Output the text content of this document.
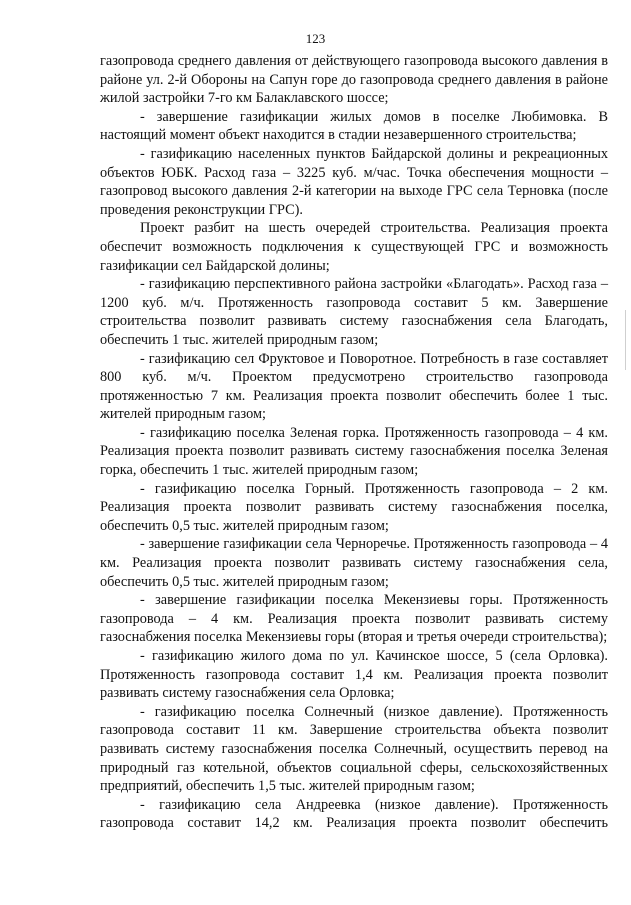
123

газопровода среднего давления от действующего газопровода высокого давления в районе ул. 2-й Обороны на Сапун горе до газопровода среднего давления в районе жилой застройки 7-го км Балаклавского шоссе;

- завершение газификации жилых домов в поселке Любимовка. В настоящий момент объект находится в стадии незавершенного строительства;

- газификацию населенных пунктов Байдарской долины и рекреационных объектов ЮБК. Расход газа – 3225 куб. м/час. Точка обеспечения мощности – газопровод высокого давления 2-й категории на выходе ГРС села Терновка (после проведения реконструкции ГРС).

Проект разбит на шесть очередей строительства. Реализация проекта обеспечит возможность подключения к существующей ГРС и возможность газификации сел Байдарской долины;

- газификацию перспективного района застройки «Благодать». Расход газа – 1200 куб. м/ч. Протяженность газопровода составит 5 км. Завершение строительства позволит развивать систему газоснабжения села Благодать, обеспечить 1 тыс. жителей природным газом;

- газификацию сел Фруктовое и Поворотное. Потребность в газе составляет 800 куб. м/ч. Проектом предусмотрено строительство газопровода протяженностью 7 км. Реализация проекта позволит обеспечить более 1 тыс. жителей природным газом;

- газификацию поселка Зеленая горка. Протяженность газопровода – 4 км. Реализация проекта позволит развивать систему газоснабжения поселка Зеленая горка, обеспечить 1 тыс. жителей природным газом;

- газификацию поселка Горный. Протяженность газопровода – 2 км. Реализация проекта позволит развивать систему газоснабжения поселка, обеспечить 0,5 тыс. жителей природным газом;

- завершение газификации села Черноречье. Протяженность газопровода – 4 км. Реализация проекта позволит развивать систему газоснабжения села, обеспечить 0,5 тыс. жителей природным газом;

- завершение газификации поселка Мекензиевы горы. Протяженность газопровода – 4 км. Реализация проекта позволит развивать систему газоснабжения поселка Мекензиевы горы (вторая и третья очереди строительства);

- газификацию жилого дома по ул. Качинское шоссе, 5 (села Орловка). Протяженность газопровода составит 1,4 км. Реализация проекта позволит развивать систему газоснабжения села Орловка;

- газификацию поселка Солнечный (низкое давление). Протяженность газопровода составит 11 км. Завершение строительства объекта позволит развивать систему газоснабжения поселка Солнечный, осуществить перевод на природный газ котельной, объектов социальной сферы, сельскохозяйственных предприятий, обеспечить 1,5 тыс. жителей природным газом;

- газификацию села Андреевка (низкое давление). Протяженность газопровода составит 14,2 км. Реализация проекта позволит обеспечить
